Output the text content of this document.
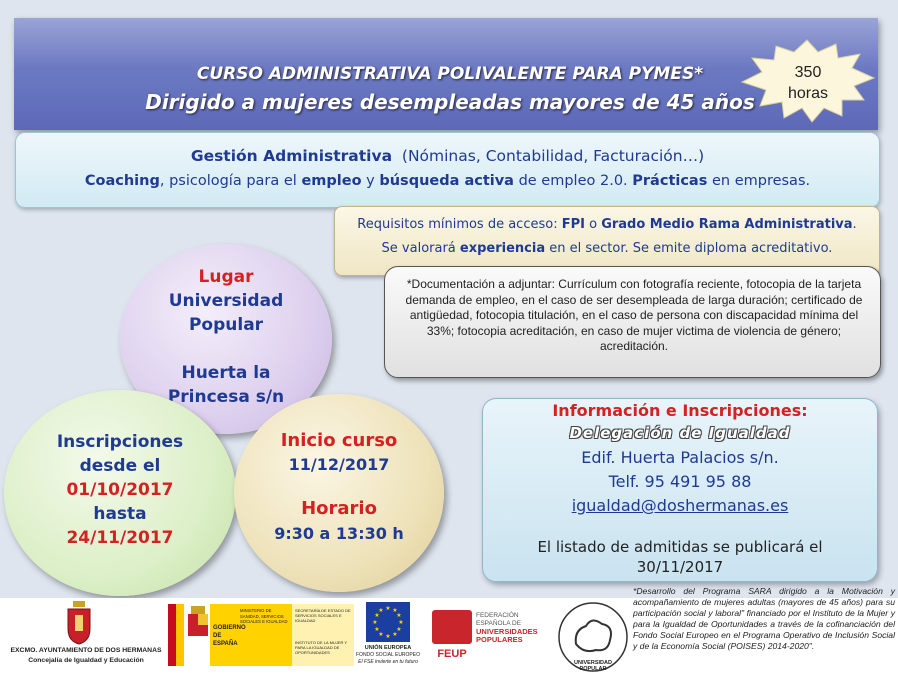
CURSO ADMINISTRATIVA POLIVALENTE PARA PYMES*
Dirigido a mujeres desempleadas mayores de 45 años
350
horas
Gestión Administrativa (Nóminas, Contabilidad, Facturación…)
Coaching, psicología para el empleo y búsqueda activa de empleo 2.0. Prácticas en empresas.
Requisitos mínimos de acceso: FPI o Grado Medio Rama Administrativa.
Se valorará experiencia en el sector. Se emite diploma acreditativo.
*Documentación a adjuntar: Currículum con fotografía reciente, fotocopia de la tarjeta demanda de empleo, en el caso de ser desempleada de larga duración; certificado de antigüedad, fotocopia titulación, en el caso de persona con discapacidad mínima del 33%; fotocopia acreditación, en caso de mujer victima de violencia de género; acreditación.
Lugar
Universidad
Popular
Huerta la
Princesa s/n
Inscripciones
desde el
01/10/2017
hasta
24/11/2017
Inicio curso
11/12/2017
Horario
9:30 a 13:30 h
Información e Inscripciones:
Delegación de Igualdad
Edif. Huerta Palacios s/n.
Telf. 95 491 95 88
igualdad@doshermanas.es
El listado de admitidas se publicará el
30/11/2017
EXCMO. AYUNTAMIENTO DE DOS HERMANAS
Concejalía de Igualdad y Educación
GOBIERNO DE ESPAÑA
MINISTERIO DE SANIDAD, SERVICIOS SOCIALES E IGUALDAD
SECRETARÍA DE ESTADO DE SERVICIOS SOCIALES E IGUALDAD
INSTITUTO DE LA MUJER Y PARA LA IGUALDAD DE OPORTUNIDADES
★ ★
★
★
★
★
★
★
★
★
★
★
UNIÓN EUROPEA
FONDO SOCIAL EUROPEO
El FSE invierte en tu futuro
FEUP
FEDERACIÓN
ESPAÑOLA DE
UNIVERSIDADES
POPULARES
UNIVERSIDAD POPULAR
*Desarrollo del Programa SARA dirigido a la Motivación y acompañamiento de mujeres adultas (mayores de 45 años) para su participación social y laboral" financiado por el Instituto de la Mujer y para la Igualdad de Oportunidades a través de la cofinanciación del Fondo Social Europeo en el Programa Operativo de Inclusión Social y de la Economía Social (POISES) 2014-2020".
